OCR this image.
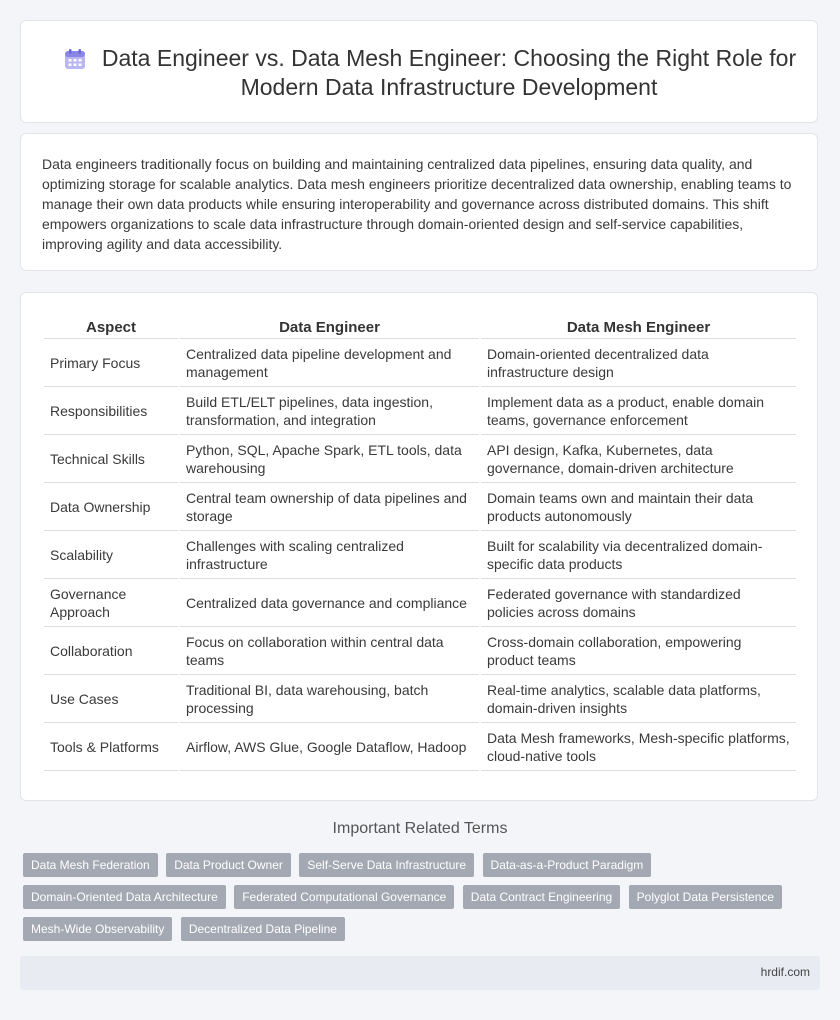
Data Engineer vs. Data Mesh Engineer: Choosing the Right Role for Modern Data Infrastructure Development

Data engineers traditionally focus on building and maintaining centralized data pipelines, ensuring data quality, and optimizing storage for scalable analytics. Data mesh engineers prioritize decentralized data ownership, enabling teams to manage their own data products while ensuring interoperability and governance across distributed domains. This shift empowers organizations to scale data infrastructure through domain-oriented design and self-service capabilities, improving agility and data accessibility.

Aspect	Data Engineer	Data Mesh Engineer
Primary Focus	Centralized data pipeline development and management	Domain-oriented decentralized data infrastructure design
Responsibilities	Build ETL/ELT pipelines, data ingestion, transformation, and integration	Implement data as a product, enable domain teams, governance enforcement
Technical Skills	Python, SQL, Apache Spark, ETL tools, data warehousing	API design, Kafka, Kubernetes, data governance, domain-driven architecture
Data Ownership	Central team ownership of data pipelines and storage	Domain teams own and maintain their data products autonomously
Scalability	Challenges with scaling centralized infrastructure	Built for scalability via decentralized domain-specific data products
Governance Approach	Centralized data governance and compliance	Federated governance with standardized policies across domains
Collaboration	Focus on collaboration within central data teams	Cross-domain collaboration, empowering product teams
Use Cases	Traditional BI, data warehousing, batch processing	Real-time analytics, scalable data platforms, domain-driven insights
Tools & Platforms	Airflow, AWS Glue, Google Dataflow, Hadoop	Data Mesh frameworks, Mesh-specific platforms, cloud-native tools
Important Related Terms
Data Mesh Federation Data Product Owner Self-Serve Data Infrastructure Data-as-a-Product Paradigm Domain-Oriented Data Architecture Federated Computational Governance Data Contract Engineering Polyglot Data Persistence Mesh-Wide Observability Decentralized Data Pipeline
hrdif.com
